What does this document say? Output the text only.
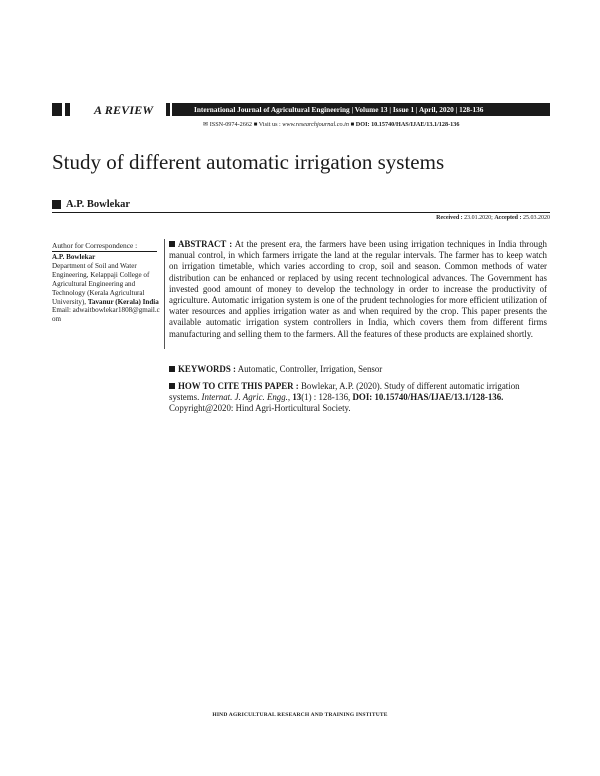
A REVIEW	International Journal of Agricultural Engineering | Volume 13 | Issue 1 | April, 2020 | 128-136
✉ ISSN-0974-2662 ■ Visit us : www.researchjournal.co.in ■ DOI: 10.15740/HAS/IJAE/13.1/128-136
Study of different automatic irrigation systems
A.P. Bowlekar
Received : 23.01.2020; Accepted : 25.03.2020
Author for Correspondence :
A.P. Bowlekar
Department of Soil and Water Engineering, Kelappaji College of Agricultural Engineering and Technology (Kerala Agricultural University), Tavanur (Kerala) India
Email: adwaitbowlekar1808@gmail.com
ABSTRACT : At the present era, the farmers have been using irrigation techniques in India through manual control, in which farmers irrigate the land at the regular intervals. The farmer has to keep watch on irrigation timetable, which varies according to crop, soil and season. Common methods of water distribution can be enhanced or replaced by using recent technological advances. The Government has invested good amount of money to develop the technology in order to increase the productivity of agriculture. Automatic irrigation system is one of the prudent technologies for more efficient utilization of water resources and applies irrigation water as and when required by the crop. This paper presents the available automatic irrigation system controllers in India, which covers them from different firms manufacturing and selling them to the farmers. All the features of these products are explained shortly.
KEYWORDS : Automatic, Controller, Irrigation, Sensor
HOW TO CITE THIS PAPER : Bowlekar, A.P. (2020). Study of different automatic irrigation systems. Internat. J. Agric. Engg., 13(1) : 128-136, DOI: 10.15740/HAS/IJAE/13.1/128-136.
Copyright@2020: Hind Agri-Horticultural Society.
HIND AGRICULTURAL RESEARCH AND TRAINING INSTITUTE
